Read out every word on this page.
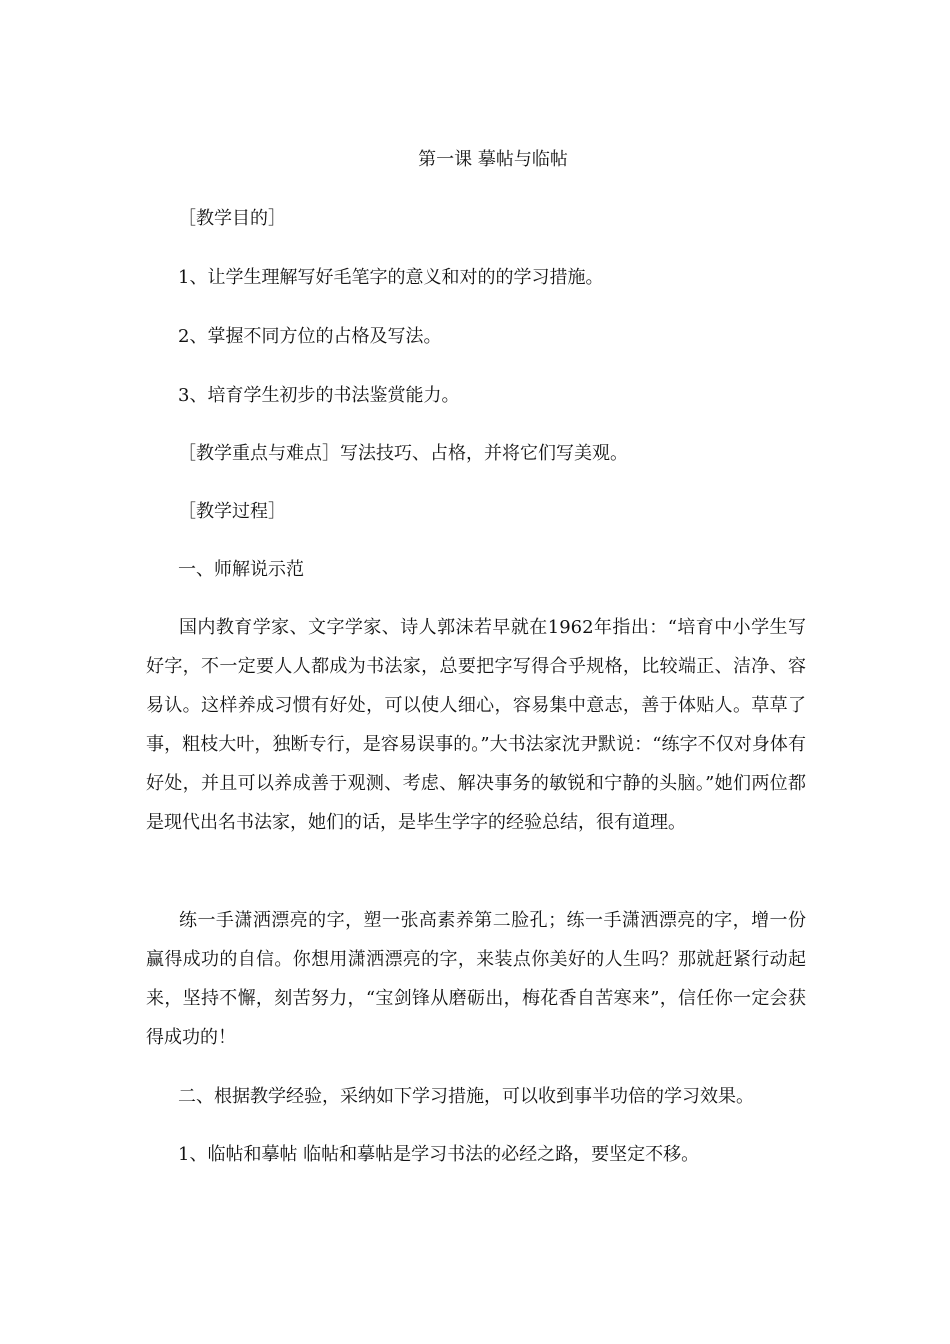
第一课 摹帖与临帖
［教学目的］
1、让学生理解写好毛笔字的意义和对的的学习措施。
2、掌握不同方位的占格及写法。
3、培育学生初步的书法鉴赏能力。
［教学重点与难点］写法技巧、占格，并将它们写美观。
［教学过程］
一、师解说示范
国内教育学家、文字学家、诗人郭沫若早就在1962年指出：“培育中小学生写好字，不一定要人人都成为书法家，总要把字写得合乎规格，比较端正、洁净、容易认。这样养成习惯有好处，可以使人细心，容易集中意志，善于体贴人。草草了事，粗枝大叶，独断专行，是容易误事的。”大书法家沈尹默说：“练字不仅对身体有好处，并且可以养成善于观测、考虑、解决事务的敏锐和宁静的头脑。”她们两位都是现代出名书法家，她们的话，是毕生学字的经验总结，很有道理。
练一手潇洒漂亮的字，塑一张高素养第二脸孔；练一手潇洒漂亮的字，增一份赢得成功的自信。你想用潇洒漂亮的字，来装点你美好的人生吗？那就赶紧行动起来，坚持不懈，刻苦努力，“宝剑锋从磨砺出，梅花香自苦寒来”，信任你一定会获得成功的！
二、根据教学经验，采纳如下学习措施，可以收到事半功倍的学习效果。
1、临帖和摹帖 临帖和摹帖是学习书法的必经之路，要坚定不移。
